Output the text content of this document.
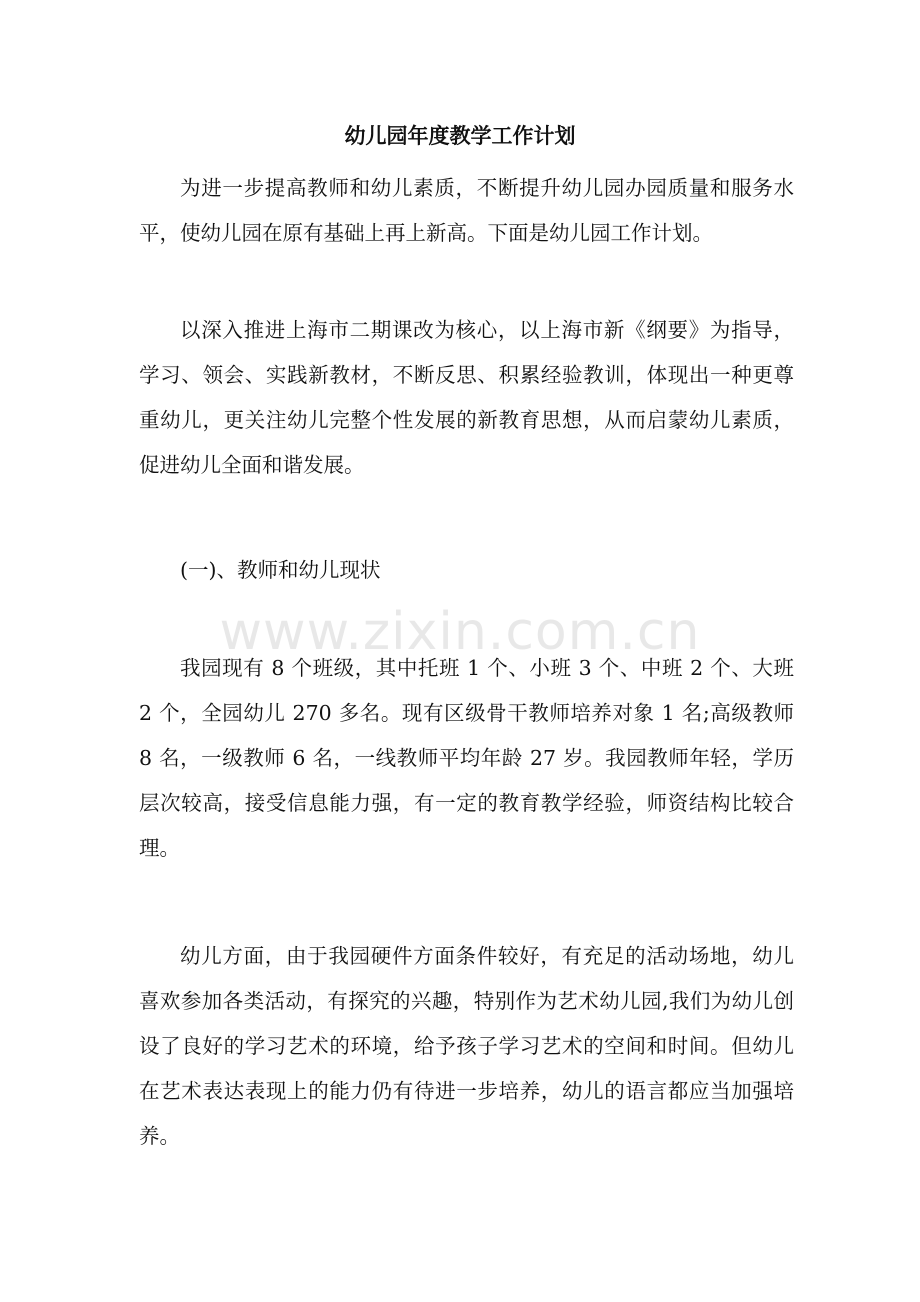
幼儿园年度教学工作计划

为进一步提高教师和幼儿素质，不断提升幼儿园办园质量和服务水平，使幼儿园在原有基础上再上新高。下面是幼儿园工作计划。

以深入推进上海市二期课改为核心，以上海市新《纲要》为指导，学习、领会、实践新教材，不断反思、积累经验教训，体现出一种更尊重幼儿，更关注幼儿完整个性发展的新教育思想，从而启蒙幼儿素质，促进幼儿全面和谐发展。

(一)、教师和幼儿现状

我园现有 8 个班级，其中托班 1 个、小班 3 个、中班 2 个、大班 2 个，全园幼儿 270 多名。现有区级骨干教师培养对象 1 名;高级教师 8 名，一级教师 6 名，一线教师平均年龄 27 岁。我园教师年轻，学历层次较高，接受信息能力强，有一定的教育教学经验，师资结构比较合理。

幼儿方面，由于我园硬件方面条件较好，有充足的活动场地，幼儿喜欢参加各类活动，有探究的兴趣，特别作为艺术幼儿园,我们为幼儿创设了良好的学习艺术的环境，给予孩子学习艺术的空间和时间。但幼儿在艺术表达表现上的能力仍有待进一步培养，幼儿的语言都应当加强培养。

www.zixin.com.cn
